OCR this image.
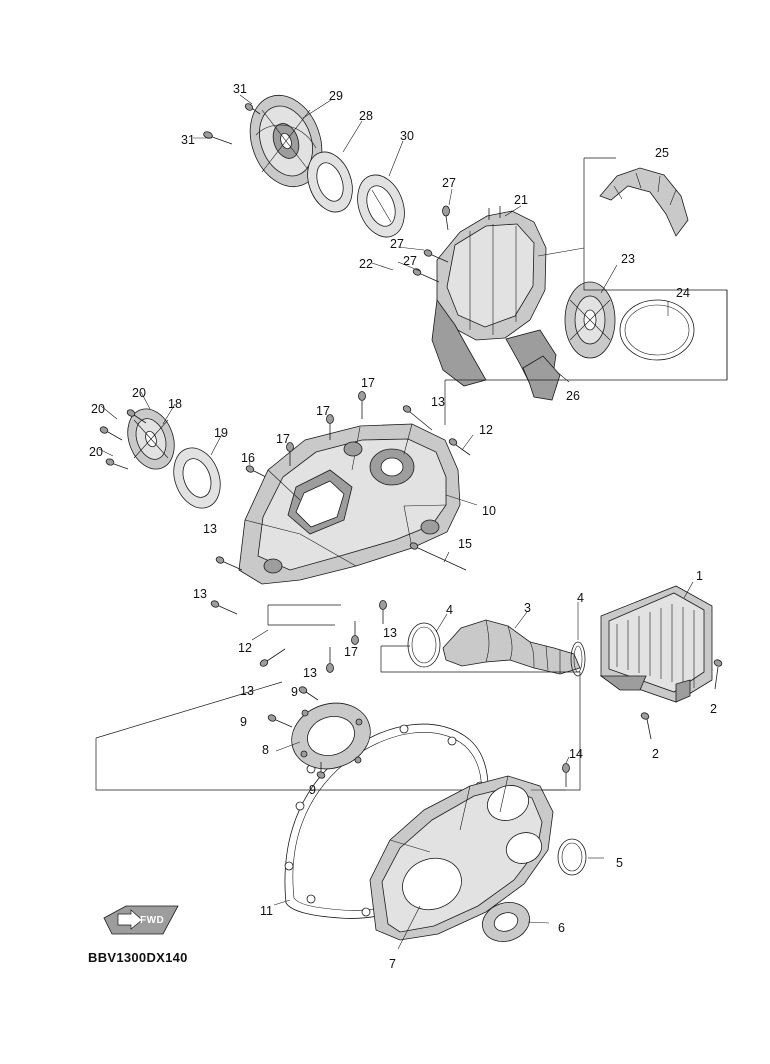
31	29
28
31	30
25
27
21
27
23
22 27
24
26
17
20
18
20	13
17
19	12
17
20	16
10
13
15
13
1
4	3
4
13
12	17
13
2
13	9
9
2
8	14
9
5
11
6
7
FWD
BBV1300DX140
